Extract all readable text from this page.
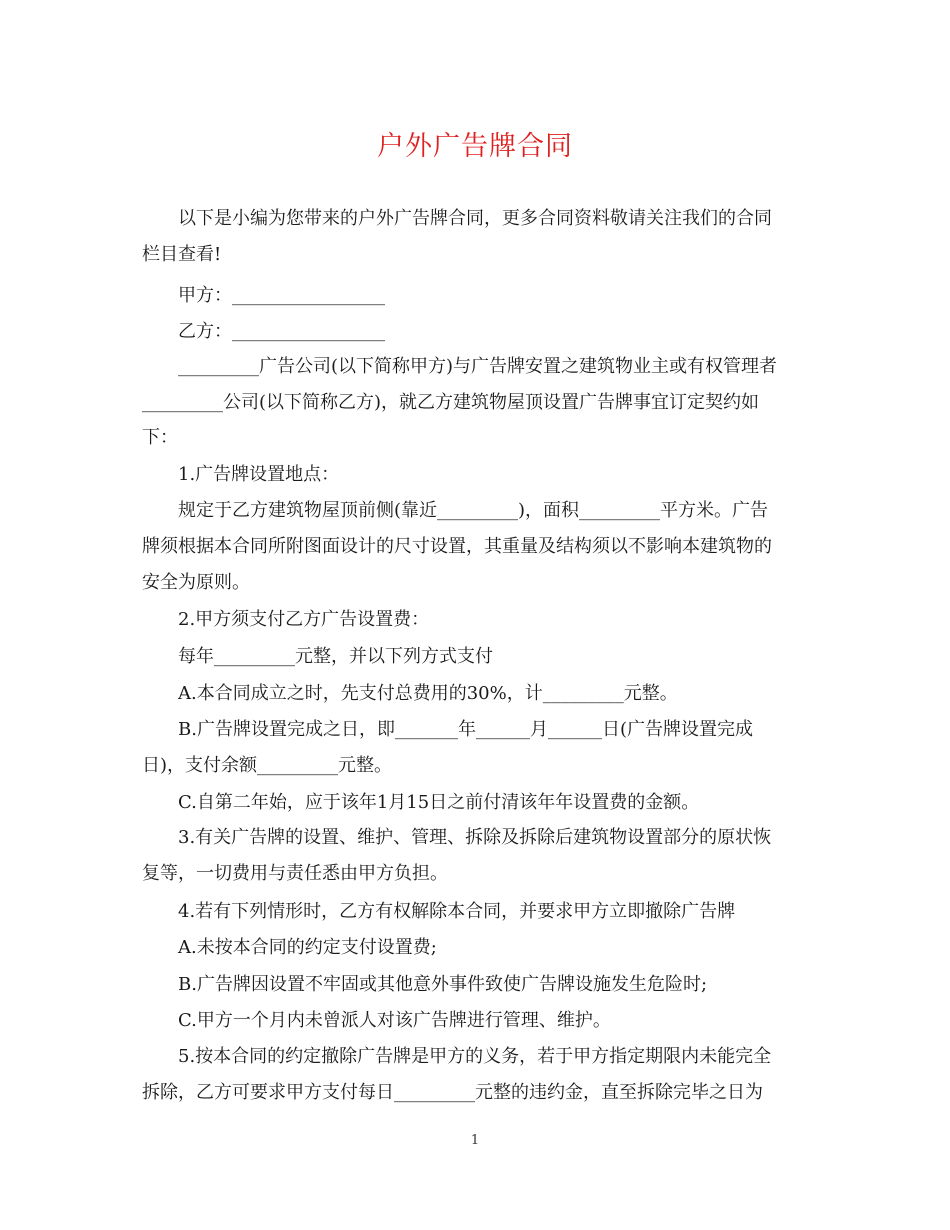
户外广告牌合同

　　以下是小编为您带来的户外广告牌合同，更多合同资料敬请关注我们的合同

栏目查看!

　　甲方：_________________

　　乙方：_________________

　　_________广告公司(以下简称甲方)与广告牌安置之建筑物业主或有权管理者

_________公司(以下简称乙方)，就乙方建筑物屋顶设置广告牌事宜订定契约如

下：

　　1.广告牌设置地点：

　　规定于乙方建筑物屋顶前侧(靠近_________)，面积_________平方米。广告

牌须根据本合同所附图面设计的尺寸设置，其重量及结构须以不影响本建筑物的

安全为原则。

　　2.甲方须支付乙方广告设置费：

　　每年_________元整，并以下列方式支付

　　A.本合同成立之时，先支付总费用的30%，计_________元整。

　　B.广告牌设置完成之日，即_______年______月______日(广告牌设置完成

日)，支付余额_________元整。

　　C.自第二年始，应于该年1月15日之前付清该年年设置费的金额。

　　3.有关广告牌的设置、维护、管理、拆除及拆除后建筑物设置部分的原状恢

复等，一切费用与责任悉由甲方负担。

　　4.若有下列情形时，乙方有权解除本合同，并要求甲方立即撤除广告牌

　　A.未按本合同的约定支付设置费;

　　B.广告牌因设置不牢固或其他意外事件致使广告牌设施发生危险时;

　　C.甲方一个月内未曾派人对该广告牌进行管理、维护。

　　5.按本合同的约定撤除广告牌是甲方的义务，若于甲方指定期限内未能完全

拆除，乙方可要求甲方支付每日_________元整的违约金，直至拆除完毕之日为

1
